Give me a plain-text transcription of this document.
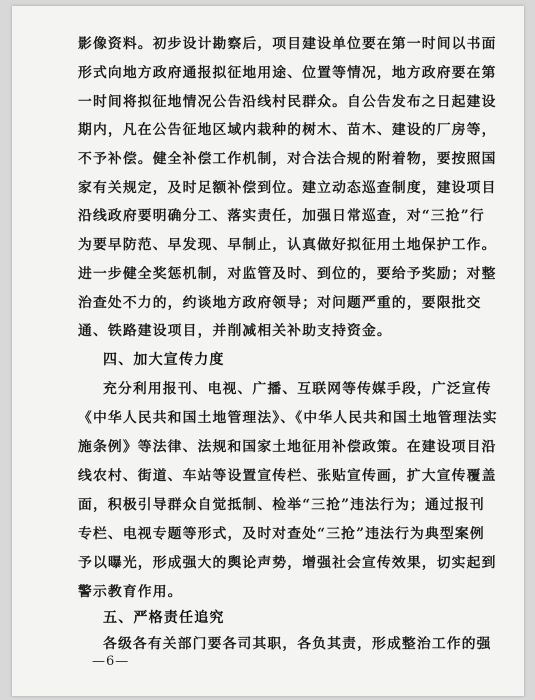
影像资料。初步设计勘察后，项目建设单位要在第一时间以书面
形式向地方政府通报拟征地用途、位置等情况，地方政府要在第
一时间将拟征地情况公告沿线村民群众。自公告发布之日起建设
期内，凡在公告征地区域内栽种的树木、苗木、建设的厂房等，
不予补偿。健全补偿工作机制，对合法合规的附着物，要按照国
家有关规定，及时足额补偿到位。建立动态巡查制度，建设项目
沿线政府要明确分工、落实责任，加强日常巡查，对“三抢”行
为要早防范、早发现、早制止，认真做好拟征用土地保护工作。
进一步健全奖惩机制，对监管及时、到位的，要给予奖励；对整
治查处不力的，约谈地方政府领导；对问题严重的，要限批交
通、铁路建设项目，并削减相关补助支持资金。
四、加大宣传力度
充分利用报刊、电视、广播、互联网等传媒手段，广泛宣传
《中华人民共和国土地管理法》、《中华人民共和国土地管理法实
施条例》等法律、法规和国家土地征用补偿政策。在建设项目沿
线农村、街道、车站等设置宣传栏、张贴宣传画，扩大宣传覆盖
面，积极引导群众自觉抵制、检举“三抢”违法行为；通过报刊
专栏、电视专题等形式，及时对查处“三抢”违法行为典型案例
予以曝光，形成强大的舆论声势，增强社会宣传效果，切实起到
警示教育作用。
五、严格责任追究
各级各有关部门要各司其职，各负其责，形成整治工作的强
—6—
